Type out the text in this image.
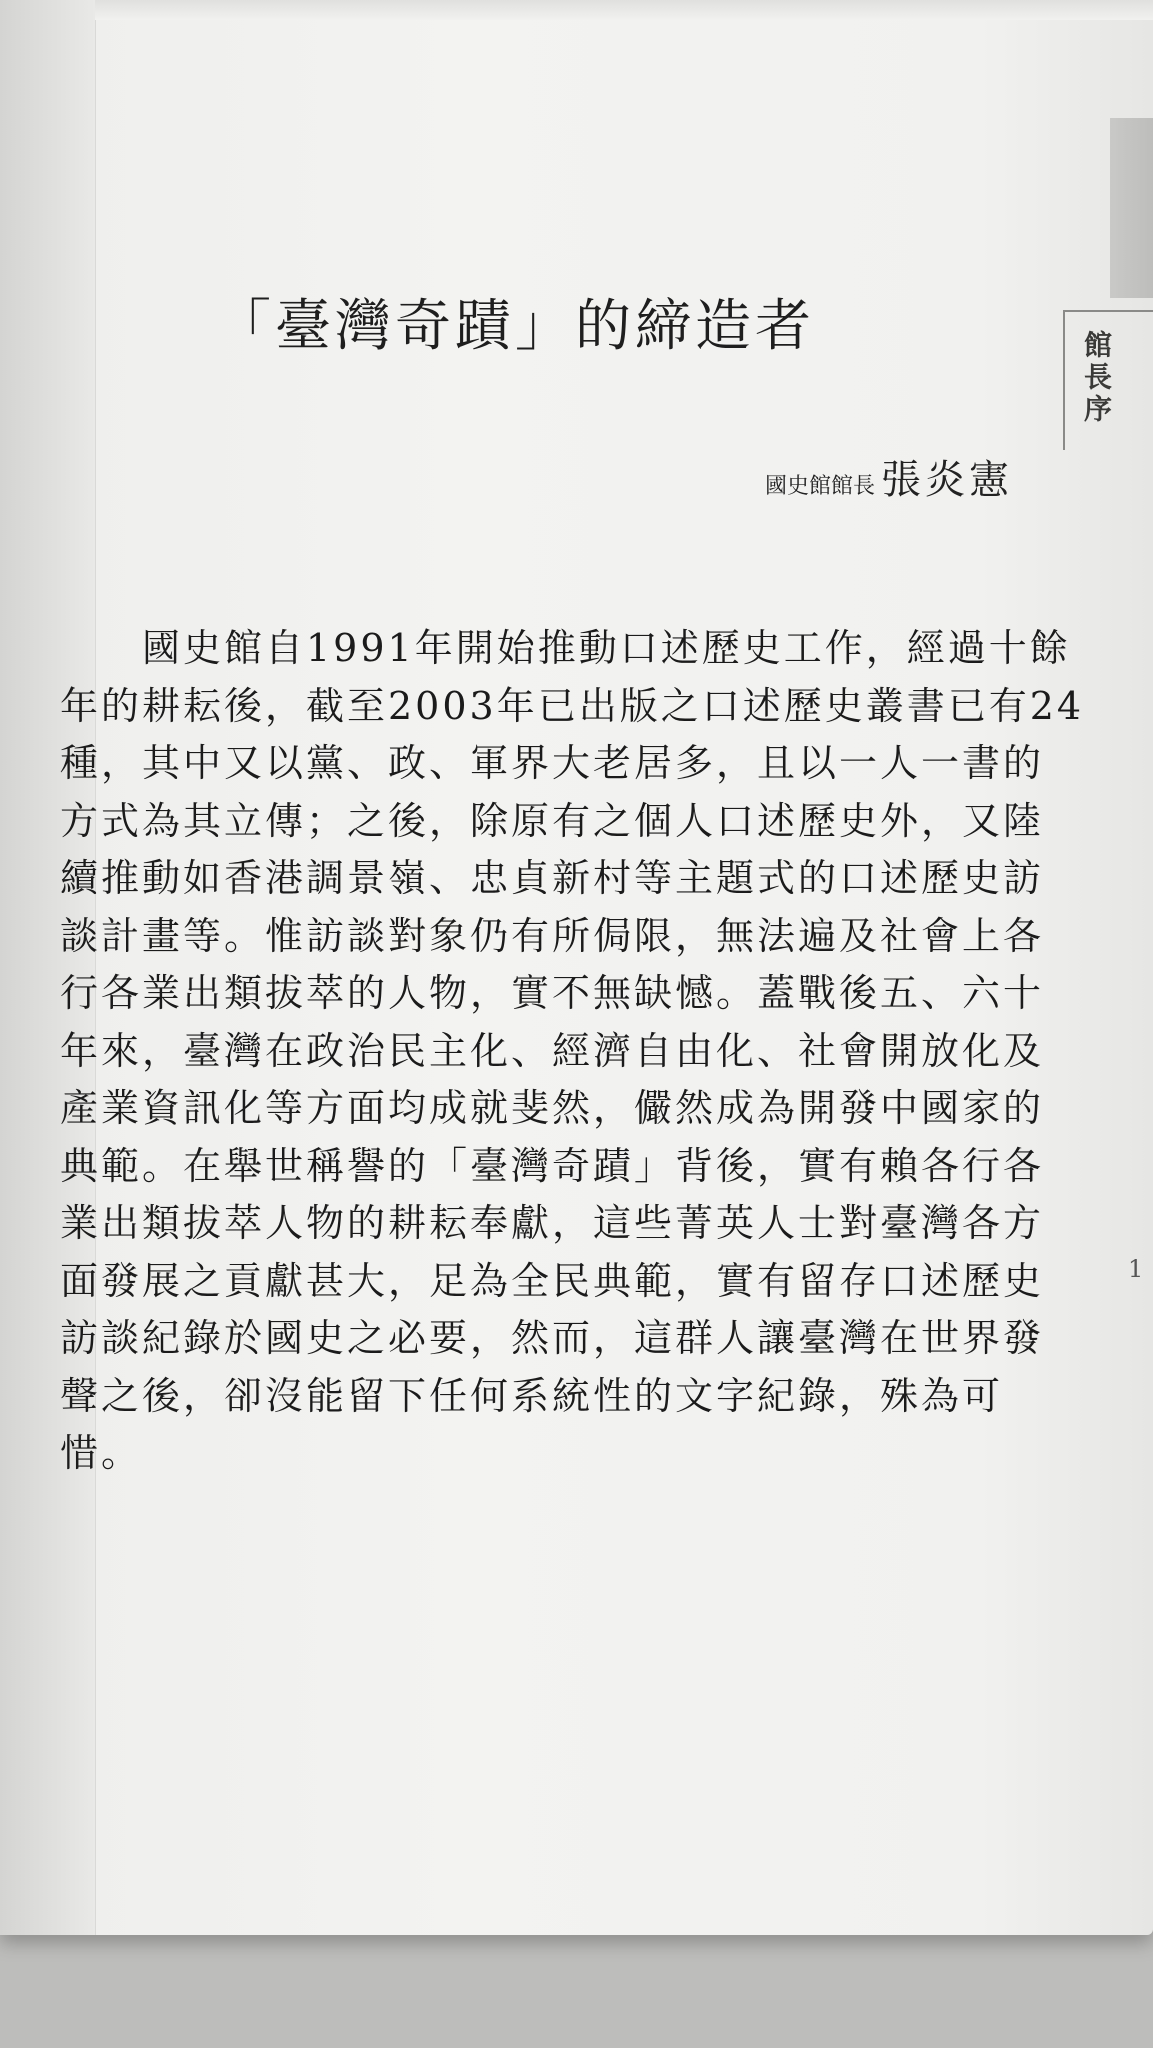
館長序
「臺灣奇蹟」的締造者
國史館館長 張炎憲
　　國史館自1991年開始推動口述歷史工作，經過十餘
年的耕耘後，截至2003年已出版之口述歷史叢書已有24
種，其中又以黨、政、軍界大老居多，且以一人一書的
方式為其立傳；之後，除原有之個人口述歷史外，又陸
續推動如香港調景嶺、忠貞新村等主題式的口述歷史訪
談計畫等。惟訪談對象仍有所侷限，無法遍及社會上各
行各業出類拔萃的人物，實不無缺憾。蓋戰後五、六十
年來，臺灣在政治民主化、經濟自由化、社會開放化及
產業資訊化等方面均成就斐然，儼然成為開發中國家的
典範。在舉世稱譽的「臺灣奇蹟」背後，實有賴各行各
業出類拔萃人物的耕耘奉獻，這些菁英人士對臺灣各方
面發展之貢獻甚大，足為全民典範，實有留存口述歷史
訪談紀錄於國史之必要，然而，這群人讓臺灣在世界發
聲之後，卻沒能留下任何系統性的文字紀錄，殊為可
惜。
1
